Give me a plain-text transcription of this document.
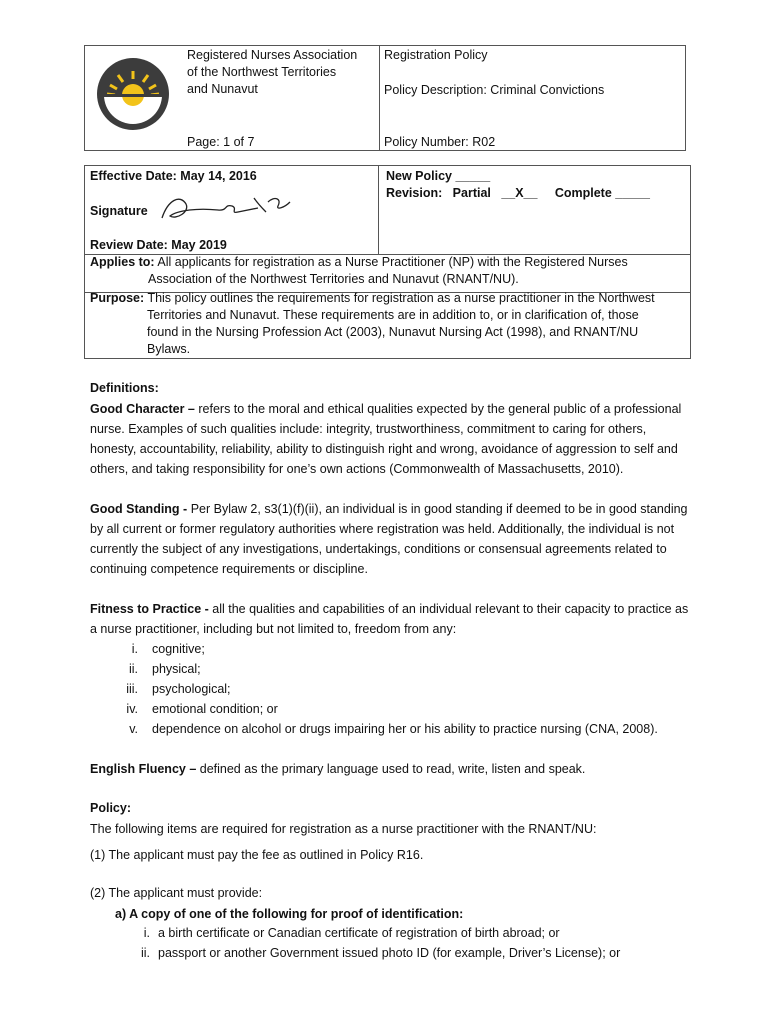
Registered Nurses Association
of the Northwest Territories
and Nunavut
Page: 1 of 7
Registration Policy
Policy Description: Criminal Convictions
Policy Number: R02
Effective Date: May 14, 2016	New Policy _____
Revision:   Partial   __X__     Complete _____
Signature
Review Date: May 2019
Applies to: All applicants for registration as a Nurse Practitioner (NP) with the Registered Nurses
Association of the Northwest Territories and Nunavut (RNANT/NU).
Purpose: This policy outlines the requirements for registration as a nurse practitioner in the Northwest
Territories and Nunavut. These requirements are in addition to, or in clarification of, those
found in the Nursing Profession Act (2003), Nunavut Nursing Act (1998), and RNANT/NU
Bylaws.
Definitions:
Good Character – refers to the moral and ethical qualities expected by the general public of a professional nurse. Examples of such qualities include: integrity, trustworthiness, commitment to caring for others, honesty, accountability, reliability, ability to distinguish right and wrong, avoidance of aggression to self and others, and taking responsibility for one’s own actions (Commonwealth of Massachusetts, 2010).
Good Standing - Per Bylaw 2, s3(1)(f)(ii), an individual is in good standing if deemed to be in good standing by all current or former regulatory authorities where registration was held. Additionally, the individual is not currently the subject of any investigations, undertakings, conditions or consensual agreements related to continuing competence requirements or discipline.
Fitness to Practice - all the qualities and capabilities of an individual relevant to their capacity to practice as a nurse practitioner, including but not limited to, freedom from any:
i. cognitive;
ii. physical;
iii. psychological;
iv. emotional condition; or
v. dependence on alcohol or drugs impairing her or his ability to practice nursing (CNA, 2008).
English Fluency – defined as the primary language used to read, write, listen and speak.
Policy:
The following items are required for registration as a nurse practitioner with the RNANT/NU:
(1) The applicant must pay the fee as outlined in Policy R16.
(2) The applicant must provide:
a) A copy of one of the following for proof of identification:
i. a birth certificate or Canadian certificate of registration of birth abroad; or
ii. passport or another Government issued photo ID (for example, Driver’s License); or
